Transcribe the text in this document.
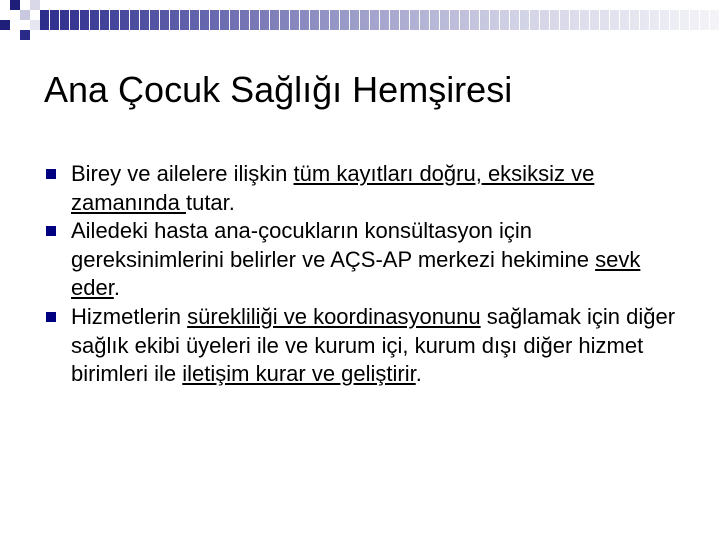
Ana Çocuk Sağlığı Hemşiresi
Birey ve ailelere ilişkin tüm kayıtları doğru, eksiksiz ve zamanında tutar.
Ailedeki hasta ana-çocukların konsültasyon için gereksinimlerini belirler ve AÇS-AP merkezi hekimine sevk eder.
Hizmetlerin sürekliliği ve koordinasyonunu sağlamak için diğer sağlık ekibi üyeleri ile ve kurum içi, kurum dışı diğer hizmet birimleri ile iletişim kurar ve geliştirir.
